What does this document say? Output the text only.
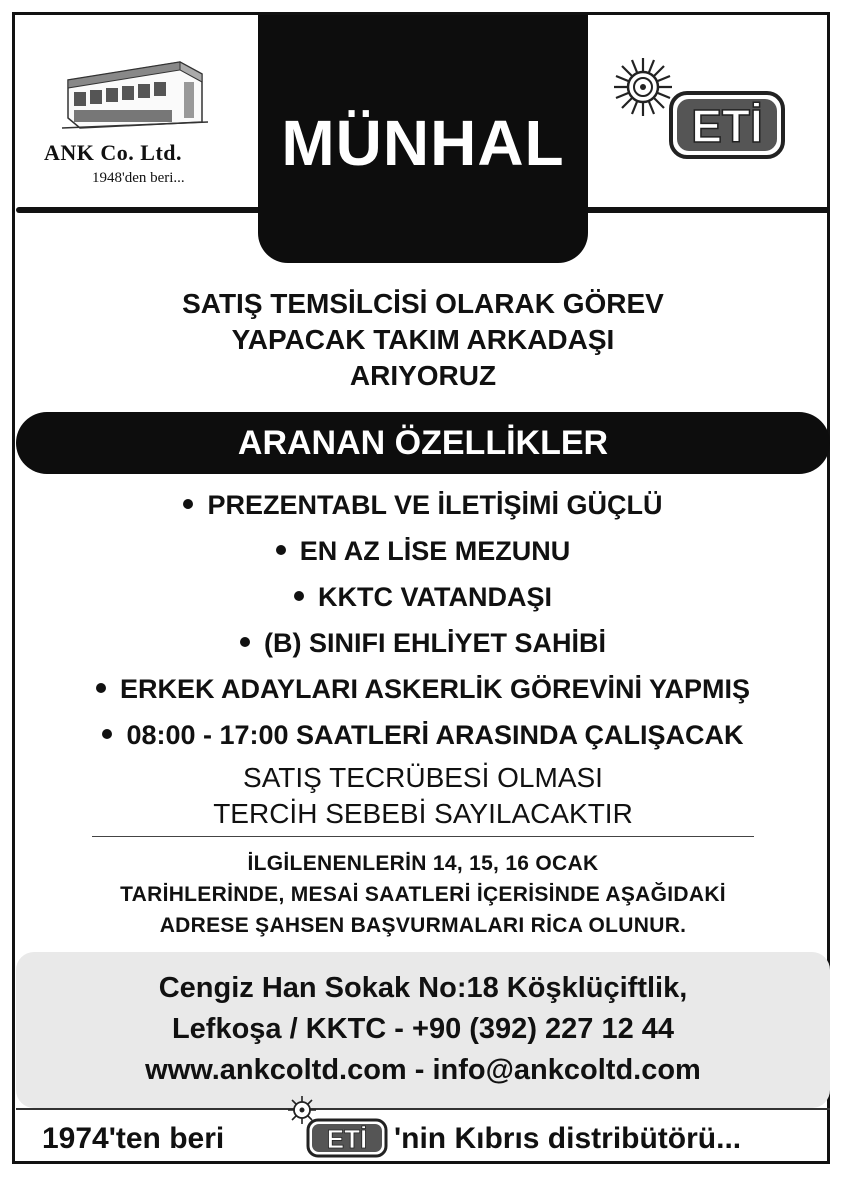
ANK Co. Ltd.
1948'den beri... MÜNHAL	ETİ
SATIŞ TEMSİLCİSİ OLARAK GÖREV
YAPACAK TAKIM ARKADAŞI
ARIYORUZ
ARANAN ÖZELLİKLER
PREZENTABL VE İLETİŞİMİ GÜÇLÜ
EN AZ LİSE MEZUNU
KKTC VATANDAŞI
(B) SINIFI EHLİYET SAHİBİ
ERKEK ADAYLARI ASKERLİK GÖREVİNİ YAPMIŞ
08:00 - 17:00 SAATLERİ ARASINDA ÇALIŞACAK
SATIŞ TECRÜBESİ OLMASI
TERCİH SEBEBİ SAYILACAKTIR
İLGİLENENLERİN 14, 15, 16 OCAK
TARİHLERİNDE, MESAİ SAATLERİ İÇERİSİNDE AŞAĞIDAKİ
ADRESE ŞAHSEN BAŞVURMALARI RİCA OLUNUR.
Cengiz Han Sokak No:18 Köşklüçiftlik,
Lefkoşa / KKTC - +90 (392) 227 12 44
www.ankcoltd.com - info@ankcoltd.com
1974'ten beri	ETİ 'nin Kıbrıs distribütörü...
